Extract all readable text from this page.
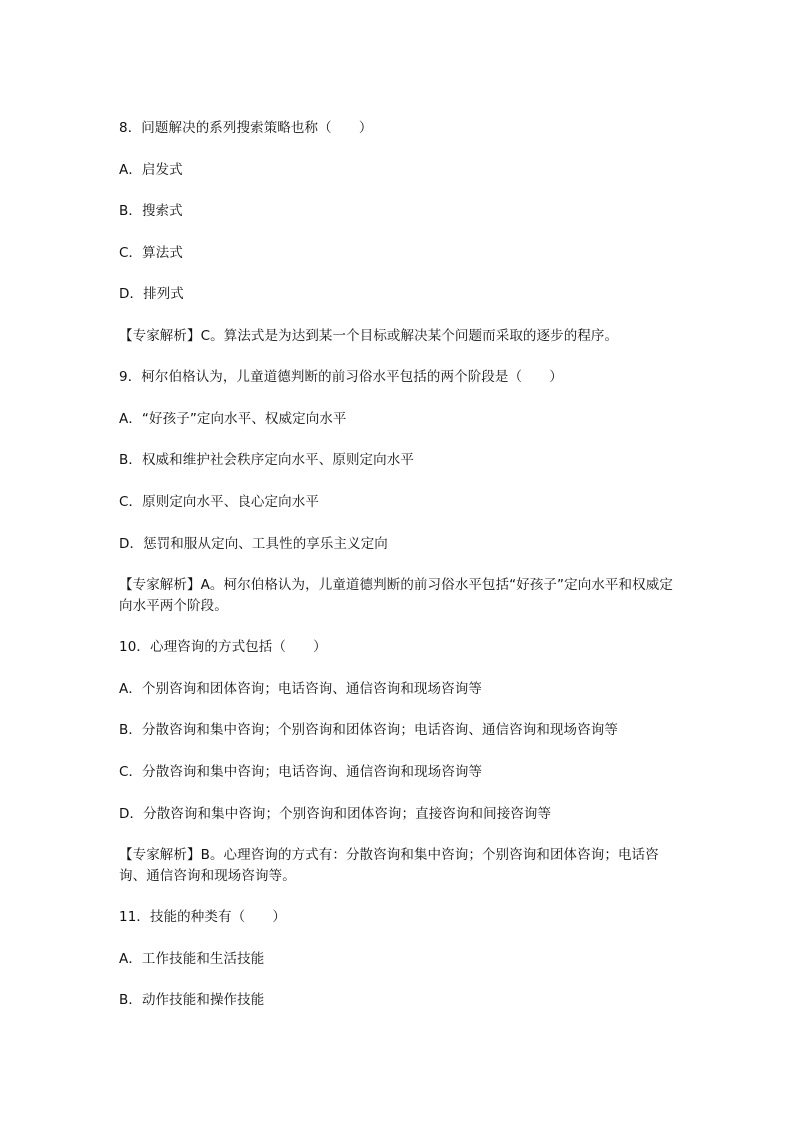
8．问题解决的系列搜索策略也称（　　）
A．启发式
B．搜索式
C．算法式
D．排列式
【专家解析】C。算法式是为达到某一个目标或解决某个问题而采取的逐步的程序。
9．柯尔伯格认为，儿童道德判断的前习俗水平包括的两个阶段是（　　）
A．“好孩子”定向水平、权威定向水平
B．权威和维护社会秩序定向水平、原则定向水平
C．原则定向水平、良心定向水平
D．惩罚和服从定向、工具性的享乐主义定向
【专家解析】A。柯尔伯格认为，儿童道德判断的前习俗水平包括“好孩子”定向水平和权威定向水平两个阶段。
10．心理咨询的方式包括（　　）
A．个别咨询和团体咨询；电话咨询、通信咨询和现场咨询等
B．分散咨询和集中咨询；个别咨询和团体咨询；电话咨询、通信咨询和现场咨询等
C．分散咨询和集中咨询；电话咨询、通信咨询和现场咨询等
D．分散咨询和集中咨询；个别咨询和团体咨询；直接咨询和间接咨询等
【专家解析】B。心理咨询的方式有：分散咨询和集中咨询；个别咨询和团体咨询；电话咨询、通信咨询和现场咨询等。
11．技能的种类有（　　）
A．工作技能和生活技能
B．动作技能和操作技能
